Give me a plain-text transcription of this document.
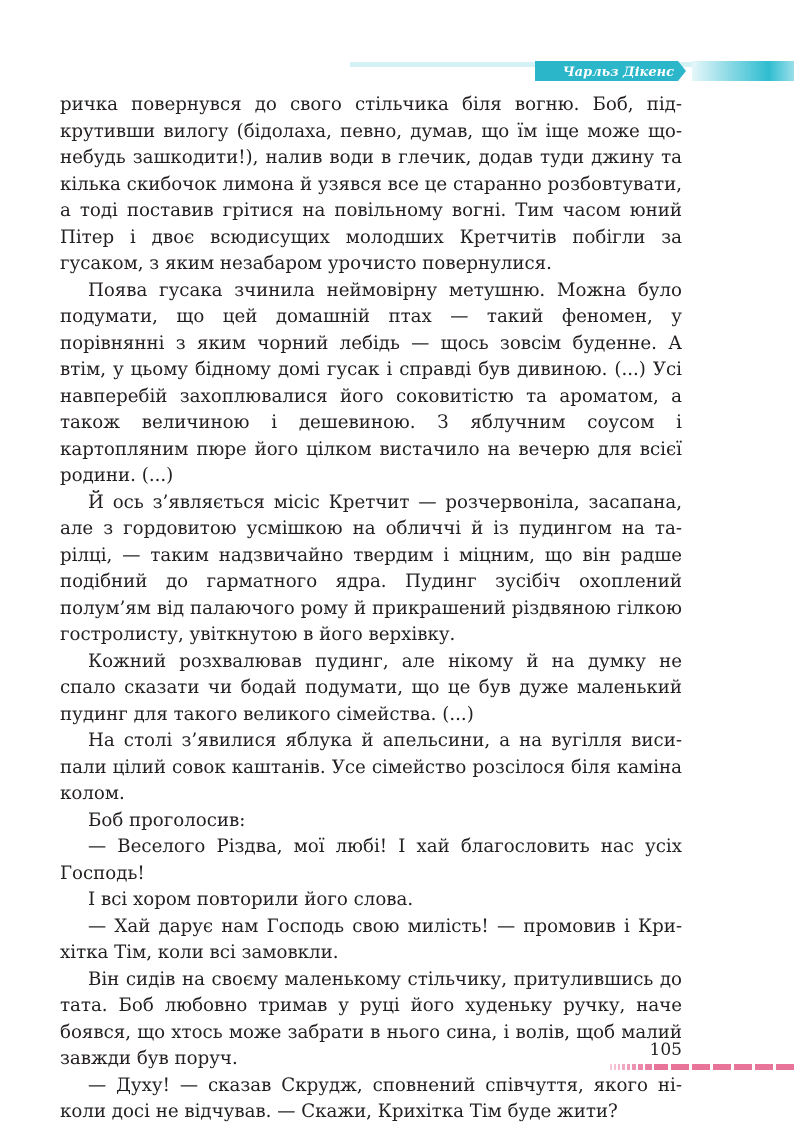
Чарльз Дікенс

ричка повернувся до свого стільчика біля вогню. Боб, підкрутивши вилогу (бідолаха, певно, думав, що їм іще може що-небудь зашкодити!), налив води в глечик, додав туди джину та кілька скибочок лимона й узявся все це старанно розбовтувати, а тоді поставив грітися на повільному вогні. Тим часом юний Пітер і двоє всюдисущих молодших Кретчитів побігли за гусаком, з яким незабаром урочисто повернулися.

Поява гусака зчинила неймовірну метушню. Можна було подумати, що цей домашній птах — такий феномен, у порівнянні з яким чорний лебідь — щось зовсім буденне. А втім, у цьому бідному домі гусак і справді був дивиною. (...) Усі навперебій захоплювалися його соковитістю та ароматом, а також величиною і дешевиною. З яблучним соусом і картопляним пюре його цілком вистачило на вечерю для всієї родини. (...)

Й ось з’являється місіс Кретчит — розчервоніла, засапана, але з гордовитою усмішкою на обличчі й із пудингом на тарілці, — таким надзвичайно твердим і міцним, що він радше подібний до гарматного ядра. Пудинг зусібіч охоплений полум’ям від палаючого рому й прикрашений різдвяною гілкою гостролисту, увіткнутою в його верхівку.

Кожний розхвалював пудинг, але нікому й на думку не спало сказати чи бодай подумати, що це був дуже маленький пудинг для такого великого сімейства. (...)

На столі з’явилися яблука й апельсини, а на вугілля висипали цілий совок каштанів. Усе сімейство розсілося біля каміна колом.

Боб проголосив:

— Веселого Різдва, мої любі! І хай благословить нас усіх Господь!

І всі хором повторили його слова.

— Хай дарує нам Господь свою милість! — промовив і Крихітка Тім, коли всі замовкли.

Він сидів на своєму маленькому стільчику, притулившись до тата. Боб любовно тримав у руці його худеньку ручку, наче боявся, що хтось може забрати в нього сина, і волів, щоб малий завжди був поруч.

— Духу! — сказав Скрудж, сповнений співчуття, якого ніколи досі не відчував. — Скажи, Крихітка Тім буде жити?

105
